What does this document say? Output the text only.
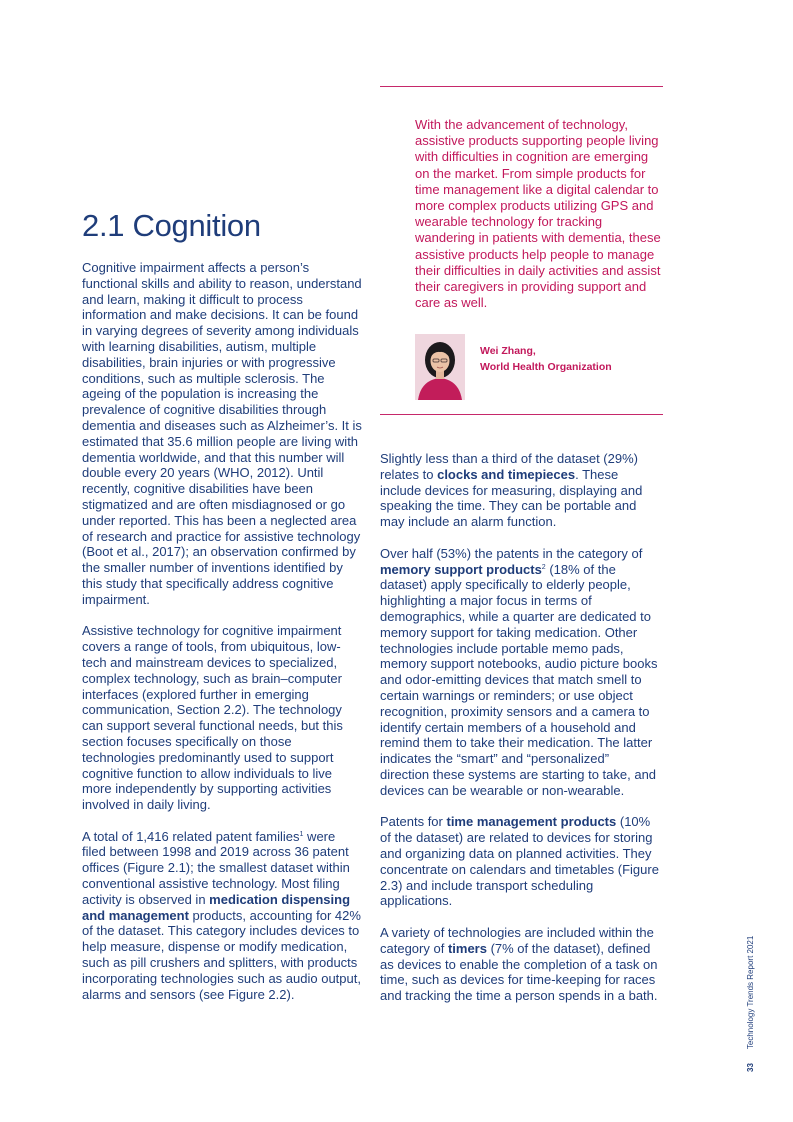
With the advancement of technology, assistive products supporting people living with difficulties in cognition are emerging on the market. From simple products for time management like a digital calendar to more complex products utilizing GPS and wearable technology for tracking wandering in patients with dementia, these assistive products help people to manage their difficulties in daily activities and assist their caregivers in providing support and care as well.

Wei Zhang,
World Health Organization
2.1 Cognition

Cognitive impairment affects a person’s functional skills and ability to reason, understand and learn, making it difficult to process information and make decisions. It can be found in varying degrees of severity among individuals with learning disabilities, autism, multiple disabilities, brain injuries or with progressive conditions, such as multiple sclerosis. The ageing of the population is increasing the prevalence of cognitive disabilities through dementia and diseases such as Alzheimer’s. It is estimated that 35.6 million people are living with dementia worldwide, and that this number will double every 20 years (WHO, 2012). Until recently, cognitive disabilities have been stigmatized and are often misdiagnosed or go under reported. This has been a neglected area of research and practice for assistive technology (Boot et al., 2017); an observation confirmed by the smaller number of inventions identified by this study that specifically address cognitive impairment.

Assistive technology for cognitive impairment covers a range of tools, from ubiquitous, low-tech and mainstream devices to specialized, complex technology, such as brain–computer interfaces (explored further in emerging communication, Section 2.2). The technology can support several functional needs, but this section focuses specifically on those technologies predominantly used to support cognitive function to allow individuals to live more independently by supporting activities involved in daily living.

A total of 1,416 related patent families$^1$ were filed between 1998 and 2019 across 36 patent offices (Figure 2.1); the smallest dataset within conventional assistive technology. Most filing activity is observed in medication dispensing and management products, accounting for 42% of the dataset. This category includes devices to help measure, dispense or modify medication, such as pill crushers and splitters, with products incorporating technologies such as audio output, alarms and sensors (see Figure 2.2).

Slightly less than a third of the dataset (29%) relates to clocks and timepieces. These include devices for measuring, displaying and speaking the time. They can be portable and may include an alarm function.

Over half (53%) the patents in the category of memory support products$^2$ (18% of the dataset) apply specifically to elderly people, highlighting a major focus in terms of demographics, while a quarter are dedicated to memory support for taking medication. Other technologies include portable memo pads, memory support notebooks, audio picture books and odor-emitting devices that match smell to certain warnings or reminders; or use object recognition, proximity sensors and a camera to identify certain members of a household and remind them to take their medication. The latter indicates the “smart” and “personalized” direction these systems are starting to take, and devices can be wearable or non-wearable.

Patents for time management products (10% of the dataset) are related to devices for storing and organizing data on planned activities. They concentrate on calendars and timetables (Figure 2.3) and include transport scheduling applications.

A variety of technologies are included within the category of timers (7% of the dataset), defined as devices to enable the completion of a task on time, such as devices for time-keeping for races and tracking the time a person spends in a bath.

33Technology Trends Report 2021
